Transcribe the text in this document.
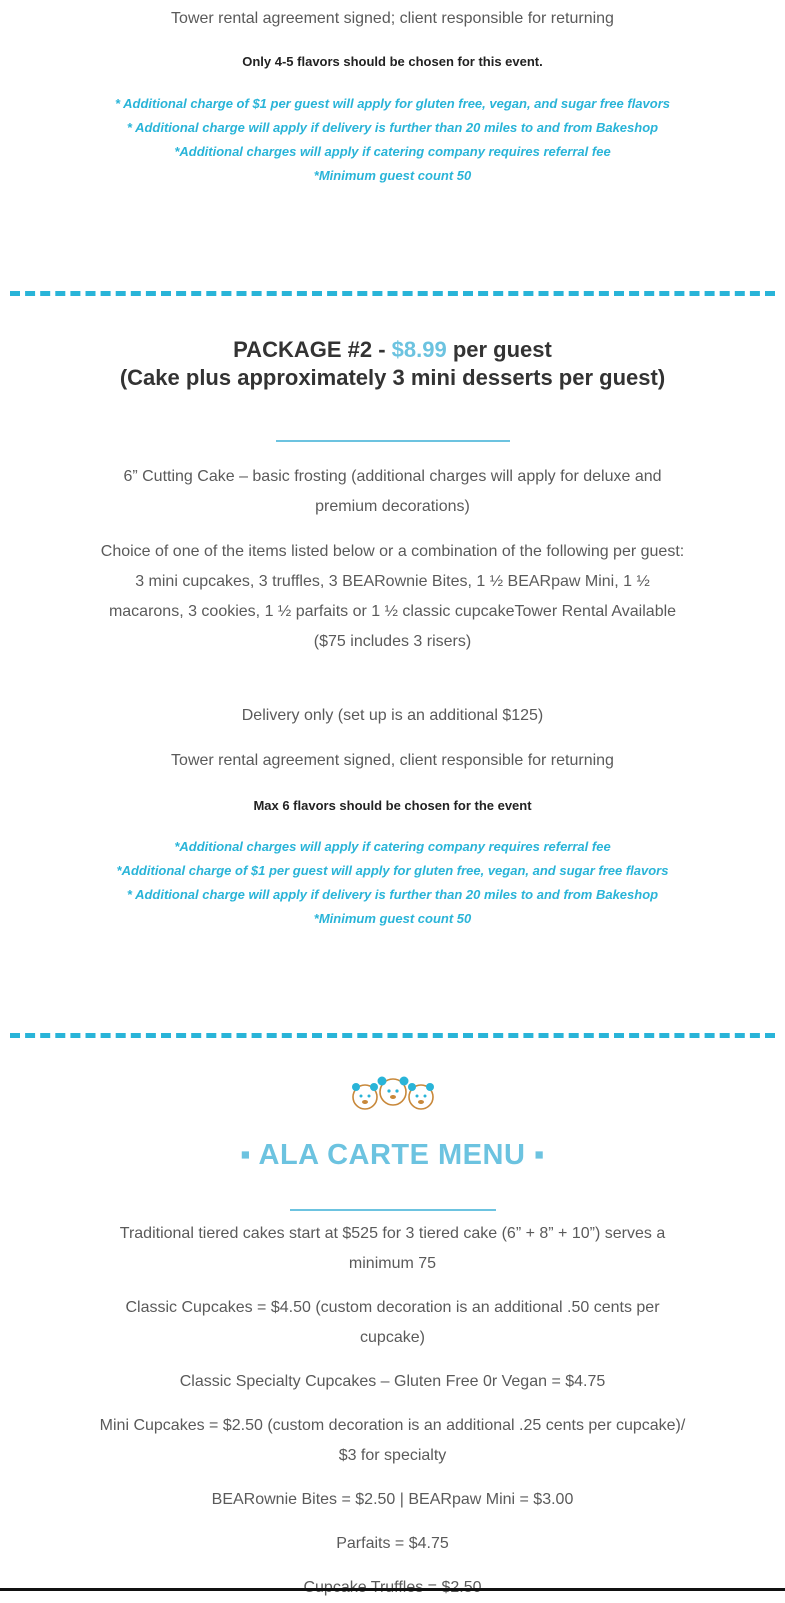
Tower rental agreement signed; client responsible for returning
Only 4-5 flavors should be chosen for this event.
* Additional charge of $1 per guest will apply for gluten free, vegan, and sugar free flavors
* Additional charge will apply if delivery is further than 20 miles to and from Bakeshop
*Additional charges will apply if catering company requires referral fee
*Minimum guest count 50
PACKAGE #2 - $8.99 per guest
(Cake plus approximately 3 mini desserts per guest)
6” Cutting Cake – basic frosting (additional charges will apply for deluxe and premium decorations)
Choice of one of the items listed below or a combination of the following per guest:
3 mini cupcakes, 3 truffles, 3 BEARownie Bites, 1 ½ BEARpaw Mini, 1 ½ macarons, 3 cookies, 1 ½ parfaits or 1 ½ classic cupcakeTower Rental Available ($75 includes 3 risers)
Delivery only (set up is an additional $125)
Tower rental agreement signed, client responsible for returning
Max 6 flavors should be chosen for the event
*Additional charges will apply if catering company requires referral fee
*Additional charge of $1 per guest will apply for gluten free, vegan, and sugar free flavors
* Additional charge will apply if delivery is further than 20 miles to and from Bakeshop
*Minimum guest count 50
▪ ALA CARTE MENU ▪
Traditional tiered cakes start at $525 for 3 tiered cake (6” + 8” + 10”) serves a minimum 75
Classic Cupcakes = $4.50 (custom decoration is an additional .50 cents per cupcake)
Classic Specialty Cupcakes – Gluten Free 0r Vegan = $4.75
Mini Cupcakes = $2.50 (custom decoration is an additional .25 cents per cupcake)/ $3 for specialty
BEARownie Bites = $2.50 | BEARpaw Mini = $3.00
Parfaits = $4.75
